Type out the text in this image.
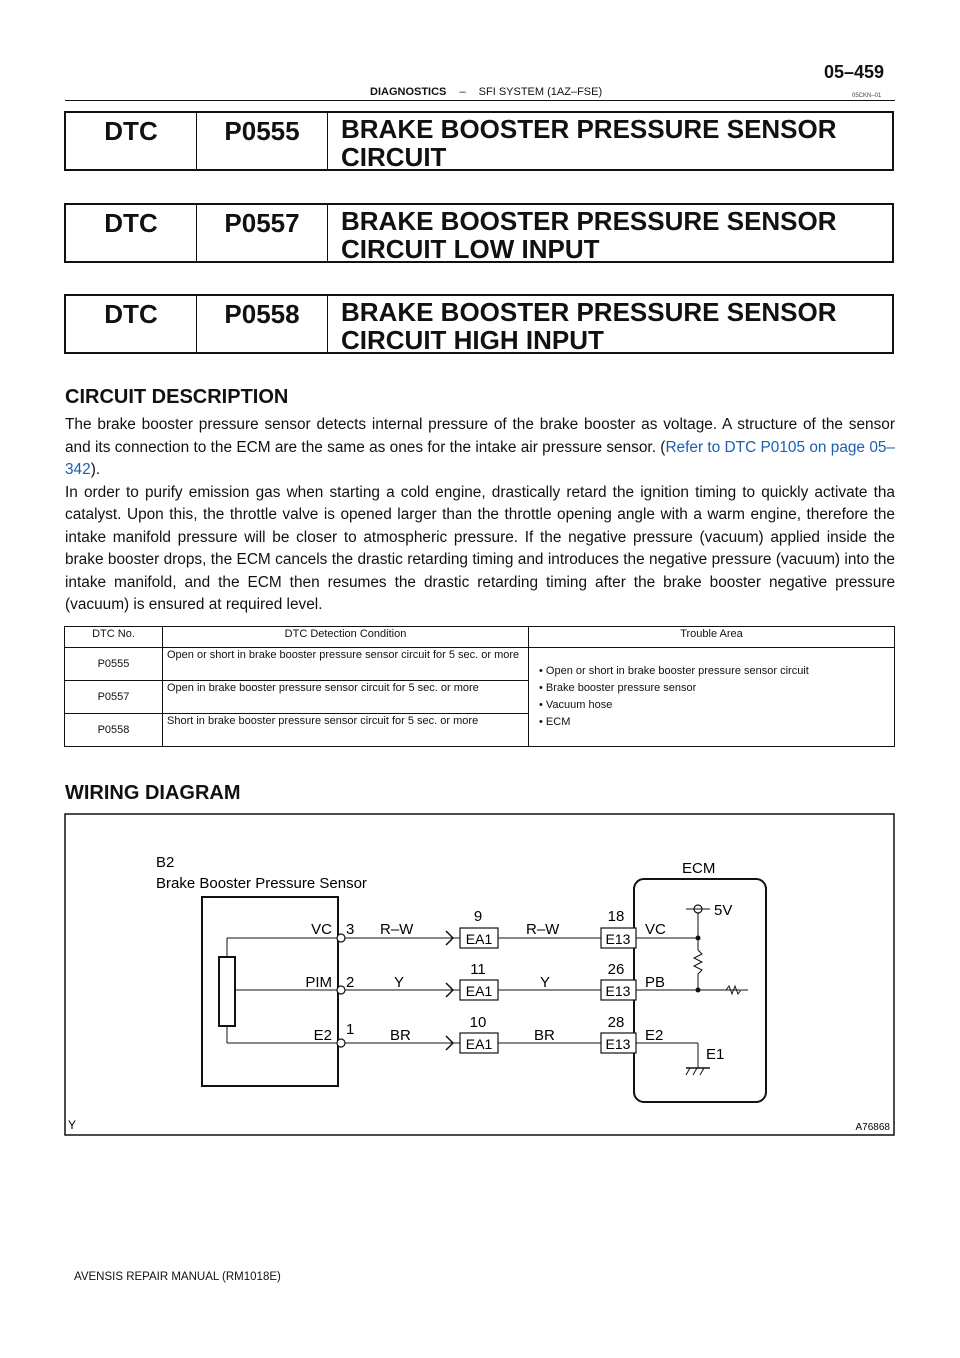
05–459
DIAGNOSTICS – SFI SYSTEM (1AZ–FSE)	05CKN–01
DTC	P0555	BRAKE BOOSTER PRESSURE SENSOR
CIRCUIT
DTC	P0557	BRAKE BOOSTER PRESSURE SENSOR
CIRCUIT LOW INPUT
DTC	P0558	BRAKE BOOSTER PRESSURE SENSOR
CIRCUIT HIGH INPUT
CIRCUIT DESCRIPTION

The brake booster pressure sensor detects internal pressure of the brake booster as voltage. A structure of the sensor and its connection to the ECM are the same as ones for the intake air pressure sensor. (Refer to DTC P0105 on page 05–342).

In order to purify emission gas when starting a cold engine, drastically retard the ignition timing to quickly activate tha catalyst. Upon this, the throttle valve is opened larger than the throttle opening angle with a warm engine, therefore the intake manifold pressure will be closer to atmospheric pressure. If the negative pressure (vacuum) applied inside the brake booster drops, the ECM cancels the drastic retarding timing and introduces the negative pressure (vacuum) into the intake manifold, and the ECM then resumes the drastic retarding timing after the brake booster negative pressure (vacuum) is ensured at required level.

DTC No.	DTC Detection Condition	Trouble Area
P0555	Open or short in brake booster pressure sensor circuit for 5 sec. or more	• Open or short in brake booster pressure sensor circuit
• Brake booster pressure sensor
• Vacuum hose
• ECM

P0557	Open in brake booster pressure sensor circuit for 5 sec. or more	
P0558	Short in brake booster pressure sensor circuit for 5 sec. or more	
WIRING DIAGRAM
B2
Brake Booster Pressure Sensor
VC
PIM
E2
3
2
1
R–W
Y
BR
EA1
EA1
EA1
9
11
10
R–W
Y
BR
ECM
E13
E13
E13
18
26
28
VC
PB
E2
5V
E1
Y	A76868
AVENSIS REPAIR MANUAL (RM1018E)
